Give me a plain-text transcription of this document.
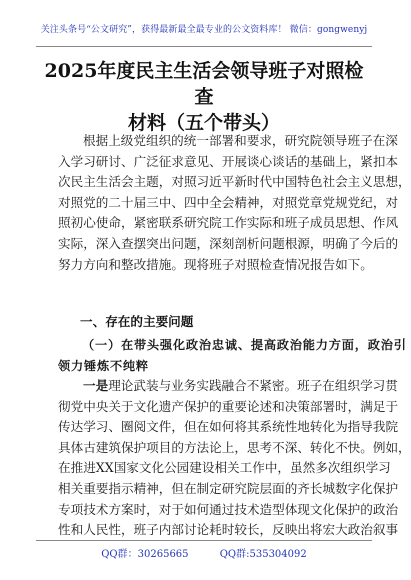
关注头条号“公文研究”，获得最新最全最专业的公文资料库！ 微信：gongwenyj
2025年度民主生活会领导班子对照检查
材料（五个带头）
根据上级党组织的统一部署和要求，研究院领导班子在深
入学习研讨、广泛征求意见、开展谈心谈话的基础上，紧扣本
次民主生活会主题，对照习近平新时代中国特色社会主义思想，
对照党的二十届三中、四中全会精神，对照党章党规党纪，对
照初心使命，紧密联系研究院工作实际和班子成员思想、作风
实际，深入查摆突出问题，深刻剖析问题根源，明确了今后的
努力方向和整改措施。现将班子对照检查情况报告如下。
一、存在的主要问题
（一）在带头强化政治忠诚、提高政治能力方面，政治引
领力锤炼不纯粹
一是理论武装与业务实践融合不紧密。班子在组织学习贯
彻党中央关于文化遗产保护的重要论述和决策部署时，满足于
传达学习、圈阅文件，但在如何将其系统性地转化为指导我院
具体古建筑保护项目的方法论上，思考不深、转化不快。例如，
在推进XX国家文化公园建设相关工作中，虽然多次组织学习
相关重要指示精神，但在制定研究院层面的齐长城数字化保护
专项技术方案时，对于如何通过技术造型体现文化保护的政治
性和人民性，班子内部讨论耗时较长，反映出将宏大政治叙事
QQ群：30265665	QQ群:535304092
